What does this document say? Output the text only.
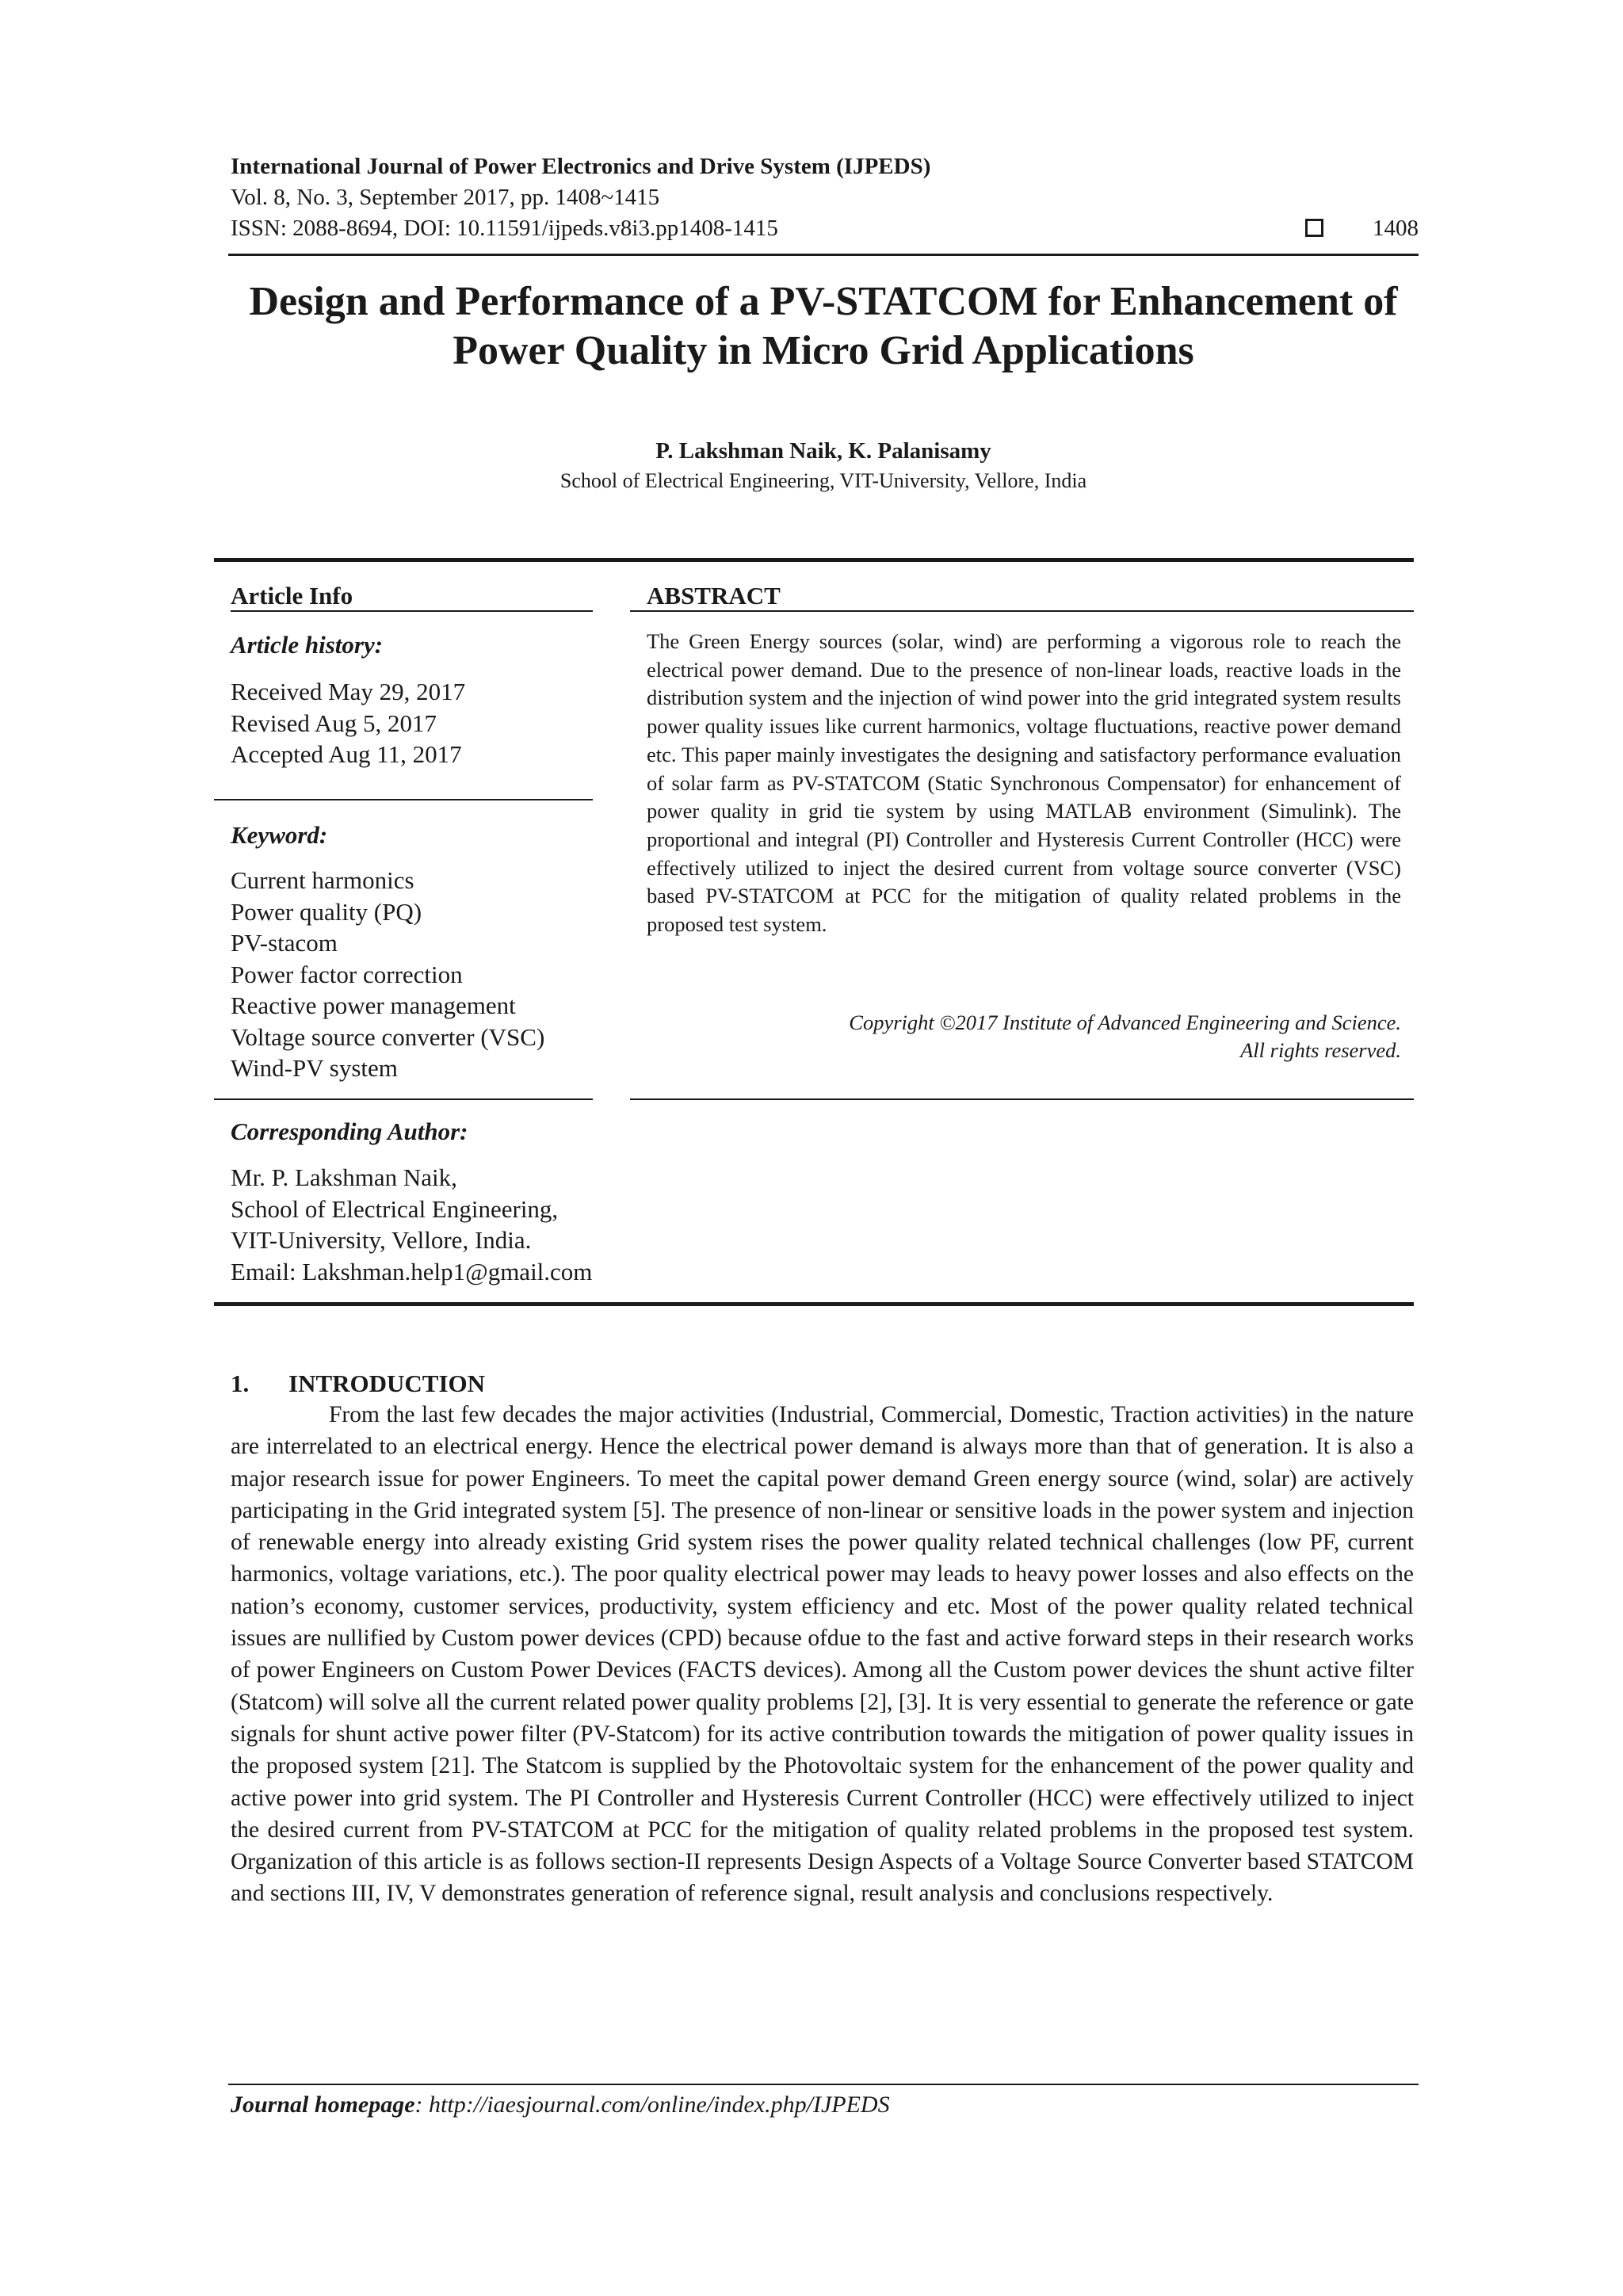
International Journal of Power Electronics and Drive System (IJPEDS)
Vol. 8, No. 3, September 2017, pp. 1408~1415
ISSN: 2088-8694, DOI: 10.11591/ijpeds.v8i3.pp1408-1415	1408
Design and Performance of a PV-STATCOM for Enhancement of Power Quality in Micro Grid Applications
P. Lakshman Naik, K. Palanisamy
School of Electrical Engineering, VIT-University, Vellore, India
Article Info
Article history:
Received May 29, 2017
Revised Aug 5, 2017
Accepted Aug 11, 2017
Keyword:
Current harmonics
Power quality (PQ)
PV-stacom
Power factor correction
Reactive power management
Voltage source converter (VSC)
Wind-PV system
Corresponding Author:
Mr. P. Lakshman Naik,
School of Electrical Engineering,
VIT-University, Vellore, India.
Email: Lakshman.help1@gmail.com
ABSTRACT
The Green Energy sources (solar, wind) are performing a vigorous role to reach the electrical power demand. Due to the presence of non-linear loads, reactive loads in the distribution system and the injection of wind power into the grid integrated system results power quality issues like current harmonics, voltage fluctuations, reactive power demand etc. This paper mainly investigates the designing and satisfactory performance evaluation of solar farm as PV-STATCOM (Static Synchronous Compensator) for enhancement of power quality in grid tie system by using MATLAB environment (Simulink). The proportional and integral (PI) Controller and Hysteresis Current Controller (HCC) were effectively utilized to inject the desired current from voltage source converter (VSC) based PV-STATCOM at PCC for the mitigation of quality related problems in the proposed test system.
Copyright ©2017 Institute of Advanced Engineering and Science.
All rights reserved.
1. INTRODUCTION
From the last few decades the major activities (Industrial, Commercial, Domestic, Traction activities) in the nature are interrelated to an electrical energy. Hence the electrical power demand is always more than that of generation. It is also a major research issue for power Engineers. To meet the capital power demand Green energy source (wind, solar) are actively participating in the Grid integrated system [5]. The presence of non-linear or sensitive loads in the power system and injection of renewable energy into already existing Grid system rises the power quality related technical challenges (low PF, current harmonics, voltage variations, etc.). The poor quality electrical power may leads to heavy power losses and also effects on the nation’s economy, customer services, productivity, system efficiency and etc. Most of the power quality related technical issues are nullified by Custom power devices (CPD) because ofdue to the fast and active forward steps in their research works of power Engineers on Custom Power Devices (FACTS devices). Among all the Custom power devices the shunt active filter (Statcom) will solve all the current related power quality problems [2], [3]. It is very essential to generate the reference or gate signals for shunt active power filter (PV-Statcom) for its active contribution towards the mitigation of power quality issues in the proposed system [21]. The Statcom is supplied by the Photovoltaic system for the enhancement of the power quality and active power into grid system. The PI Controller and Hysteresis Current Controller (HCC) were effectively utilized to inject the desired current from PV-STATCOM at PCC for the mitigation of quality related problems in the proposed test system. Organization of this article is as follows section-II represents Design Aspects of a Voltage Source Converter based STATCOM and sections III, IV, V demonstrates generation of reference signal, result analysis and conclusions respectively.
Journal homepage: http://iaesjournal.com/online/index.php/IJPEDS
